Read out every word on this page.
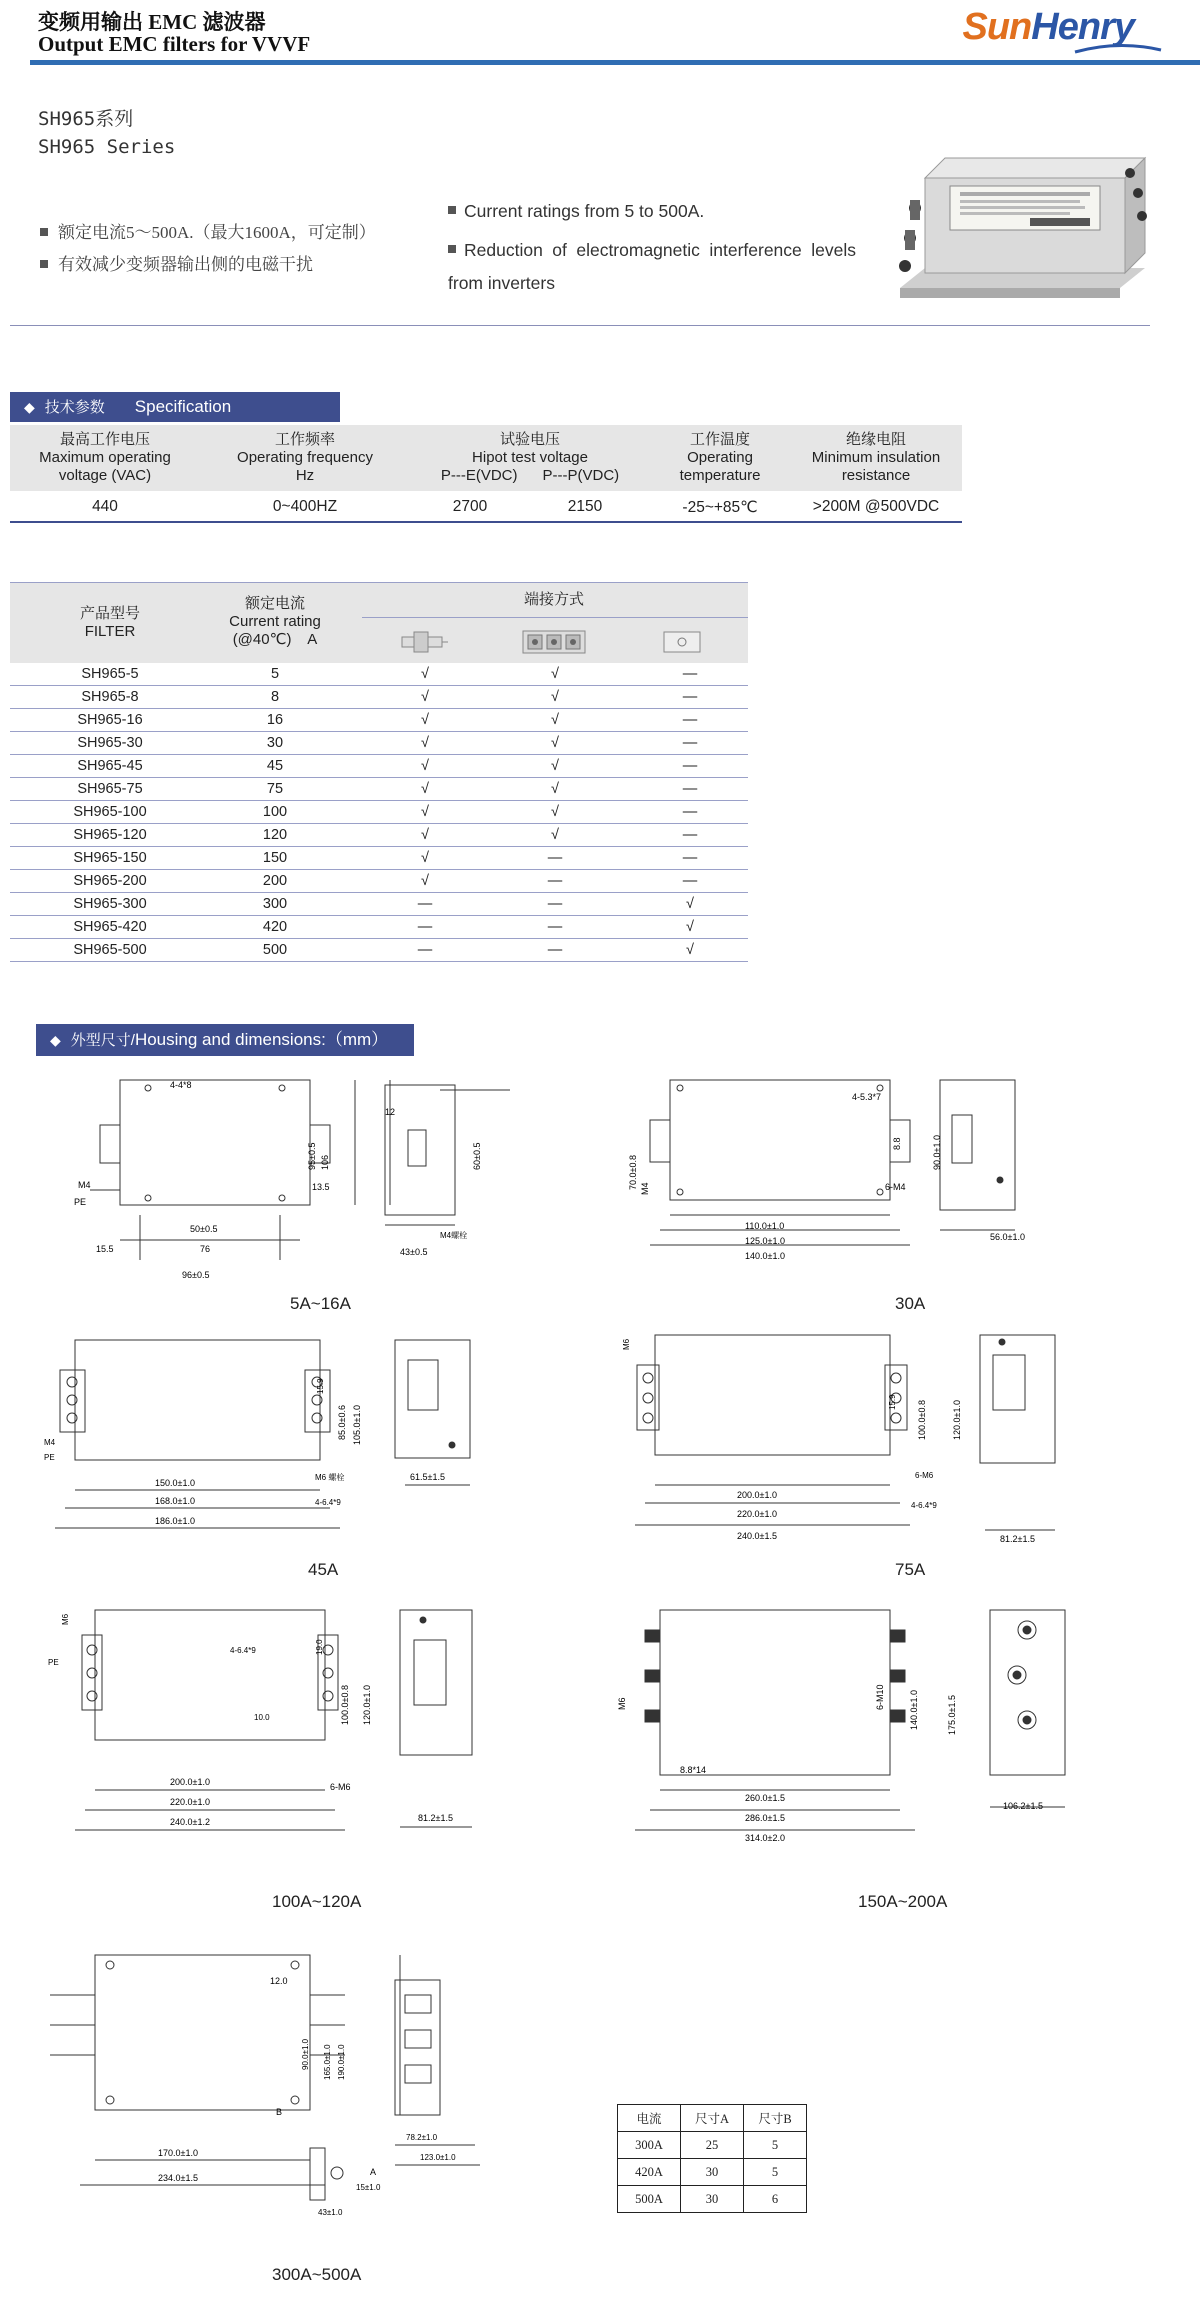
变频用输出 EMC 滤波器
Output EMC filters for VVVF	SunHenry
SH965系列
SH965 Series
额定电流5～500A.（最大1600A，可定制）
有效减少变频器输出侧的电磁干扰
Current ratings from 5 to 500A.
Reduction of electromagnetic interference levels from inverters
◆ 技术参数 Specification
最高工作电压
Maximum operating
voltage (VAC)
工作频率
Operating frequency
Hz
试验电压
Hipot test voltage
P---E(VDC)      P---P(VDC)
工作温度
Operating
temperature
绝缘电阻
Minimum insulation
resistance
440	0~400HZ	2700	2150	-25~+85℃	>200M @500VDC
产品型号
FILTER
额定电流
Current rating
(@40℃)    A
端接方式
SH965-5	5	√	√	—
SH965-8	8	√	√	—
SH965-16	16	√	√	—
SH965-30	30	√	√	—
SH965-45	45	√	√	—
SH965-75	75	√	√	—
SH965-100	100	√	√	—
SH965-120	120	√	√	—
SH965-150	150	√	—	—
SH965-200	200	√	—	—
SH965-300	300	—	—	√
SH965-420	420	—	—	√
SH965-500	500	—	—	√
◆ 外型尺寸/Housing and dimensions:（mm）
4-4*8
95±0.5 106
M4
PE
13.5
15.5
50±0.5
76
96±0.5
12
60±0.5
M4螺栓
43±0.5
5A~16A
4-5.3*7
70.0±0.8 M4
8.8
6-M4
110.0±1.0
125.0±1.0
140.0±1.0
90.0±1.0
56.0±1.0
30A
15.9
85.0±0.6 105.0±1.0
M4
PE
150.0±1.0
168.0±1.0
186.0±1.0
M6 螺栓
4-6.4*9
61.5±1.5
45A
M6
15.9 100.0±0.8	120.0±1.0
6-M6
4-6.4*9
200.0±1.0
220.0±1.0
240.0±1.5	81.2±1.5
75A
M6
PE
4-6.4*9	19.0
100.0±0.8 120.0±1.0
10.0
6-M6
200.0±1.0
220.0±1.0
240.0±1.2	81.2±1.5
100A~120A
M6	6-M10	140.0±1.0	175.0±1.5
8.8*14
260.0±1.5
286.0±1.5
314.0±2.0
106.2±1.5
150A~200A
12.0
90.0±1.0 165.0±1.0 190.0±1.0
B
170.0±1.0
234.0±1.5
78.2±1.0
123.0±1.0
A
15±1.0
43±1.0
300A~500A
电流	尺寸A	尺寸B
300A	25	5
420A	30	5
500A	30	6
